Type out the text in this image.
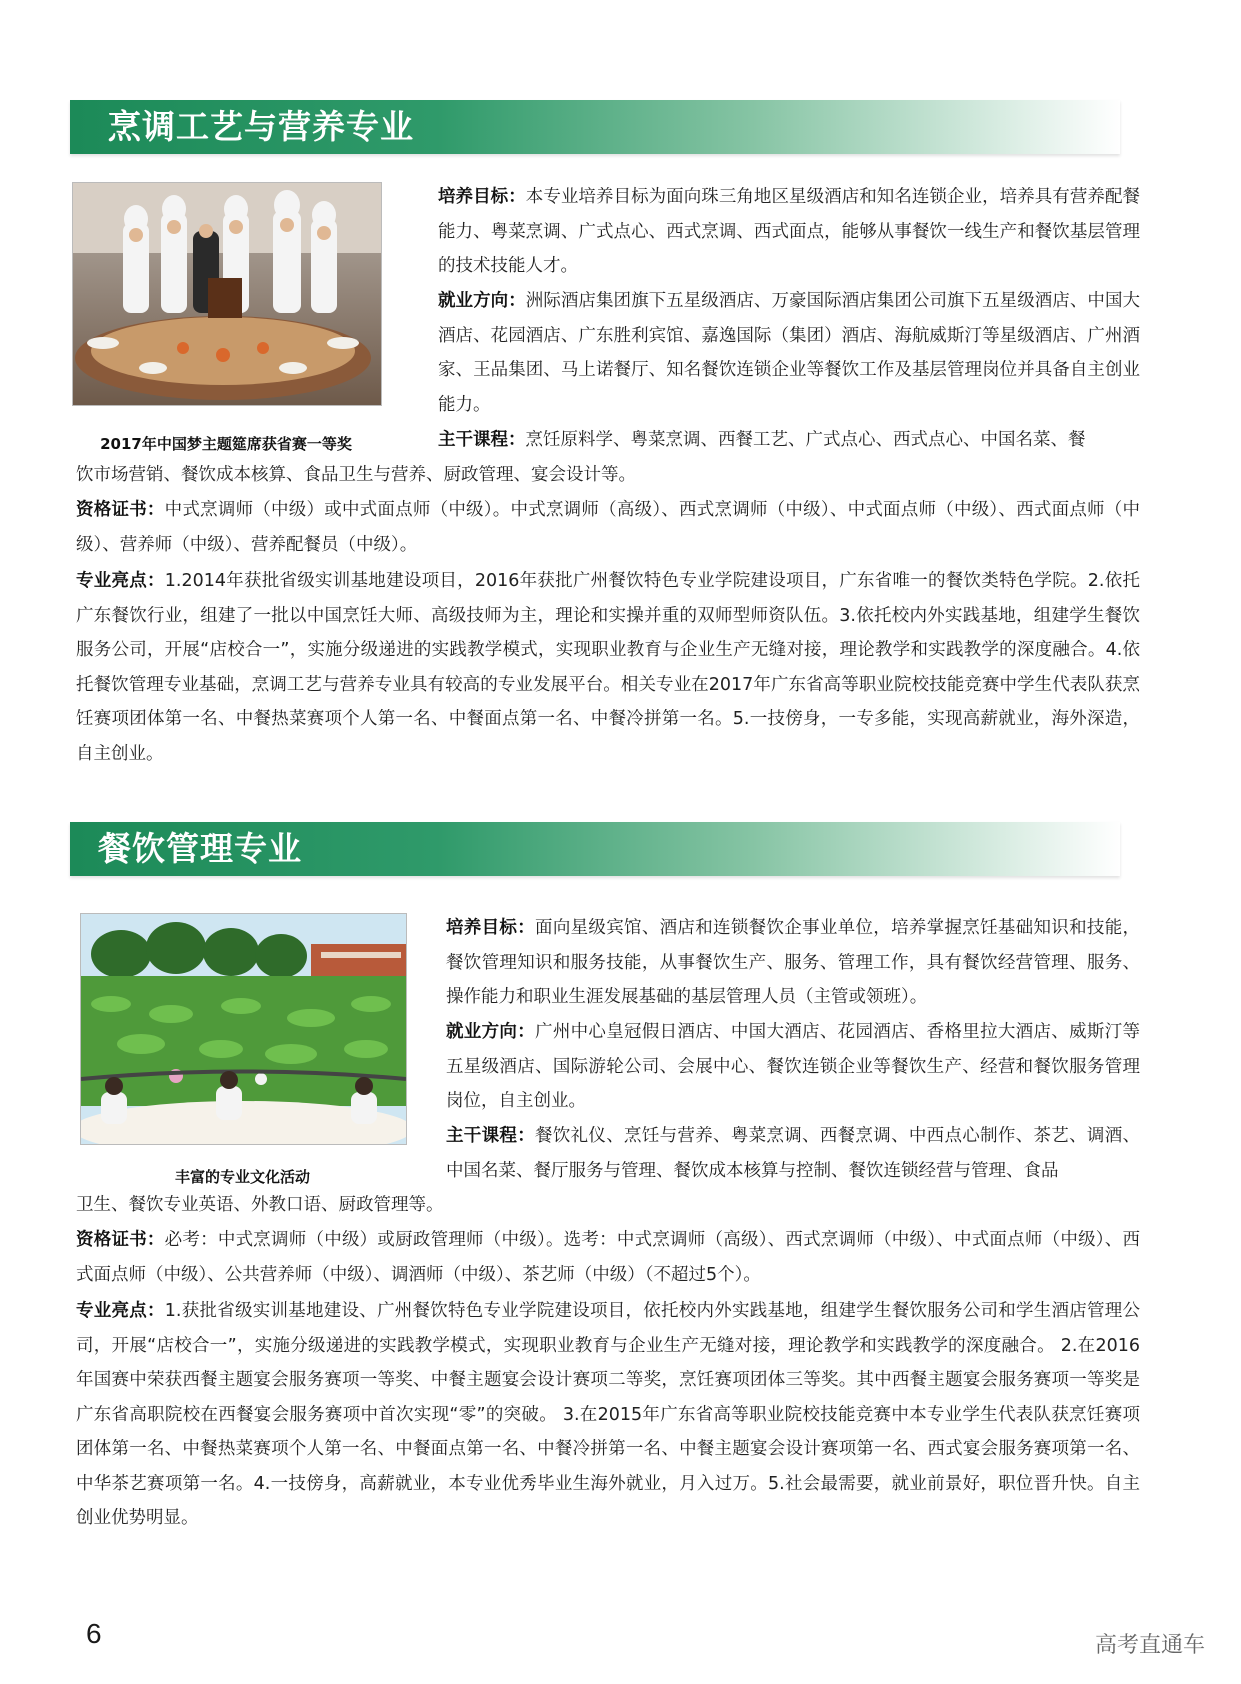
烹调工艺与营养专业
2017年中国梦主题筵席获省赛一等奖

培养目标：本专业培养目标为面向珠三角地区星级酒店和知名连锁企业，培养具有营养配餐能力、粤菜烹调、广式点心、西式烹调、西式面点，能够从事餐饮一线生产和餐饮基层管理的技术技能人才。

就业方向：洲际酒店集团旗下五星级酒店、万豪国际酒店集团公司旗下五星级酒店、中国大酒店、花园酒店、广东胜利宾馆、嘉逸国际（集团）酒店、海航威斯汀等星级酒店、广州酒家、王品集团、马上诺餐厅、知名餐饮连锁企业等餐饮工作及基层管理岗位并具备自主创业能力。

主干课程：烹饪原料学、粤菜烹调、西餐工艺、广式点心、西式点心、中国名菜、餐

饮市场营销、餐饮成本核算、食品卫生与营养、厨政管理、宴会设计等。

资格证书：中式烹调师（中级）或中式面点师（中级）。中式烹调师（高级）、西式烹调师（中级）、中式面点师（中级）、西式面点师（中级）、营养师（中级）、营养配餐员（中级）。

专业亮点：1.2014年获批省级实训基地建设项目，2016年获批广州餐饮特色专业学院建设项目，广东省唯一的餐饮类特色学院。2.依托广东餐饮行业，组建了一批以中国烹饪大师、高级技师为主，理论和实操并重的双师型师资队伍。3.依托校内外实践基地，组建学生餐饮服务公司，开展“店校合一”，实施分级递进的实践教学模式，实现职业教育与企业生产无缝对接，理论教学和实践教学的深度融合。4.依托餐饮管理专业基础，烹调工艺与营养专业具有较高的专业发展平台。相关专业在2017年广东省高等职业院校技能竞赛中学生代表队获烹饪赛项团体第一名、中餐热菜赛项个人第一名、中餐面点第一名、中餐冷拼第一名。5.一技傍身，一专多能，实现高薪就业，海外深造，自主创业。

餐饮管理专业
丰富的专业文化活动

培养目标：面向星级宾馆、酒店和连锁餐饮企事业单位，培养掌握烹饪基础知识和技能，餐饮管理知识和服务技能，从事餐饮生产、服务、管理工作，具有餐饮经营管理、服务、操作能力和职业生涯发展基础的基层管理人员（主管或领班）。

就业方向：广州中心皇冠假日酒店、中国大酒店、花园酒店、香格里拉大酒店、威斯汀等五星级酒店、国际游轮公司、会展中心、餐饮连锁企业等餐饮生产、经营和餐饮服务管理岗位，自主创业。

主干课程：餐饮礼仪、烹饪与营养、粤菜烹调、西餐烹调、中西点心制作、茶艺、调酒、中国名菜、餐厅服务与管理、餐饮成本核算与控制、餐饮连锁经营与管理、食品

卫生、餐饮专业英语、外教口语、厨政管理等。

资格证书：必考：中式烹调师（中级）或厨政管理师（中级）。选考：中式烹调师（高级）、西式烹调师（中级）、中式面点师（中级）、西式面点师（中级）、公共营养师（中级）、调酒师（中级）、茶艺师（中级）（不超过5个）。

专业亮点：1.获批省级实训基地建设、广州餐饮特色专业学院建设项目，依托校内外实践基地，组建学生餐饮服务公司和学生酒店管理公司，开展“店校合一”，实施分级递进的实践教学模式，实现职业教育与企业生产无缝对接，理论教学和实践教学的深度融合。 2.在2016年国赛中荣获西餐主题宴会服务赛项一等奖、中餐主题宴会设计赛项二等奖，烹饪赛项团体三等奖。其中西餐主题宴会服务赛项一等奖是广东省高职院校在西餐宴会服务赛项中首次实现“零”的突破。 3.在2015年广东省高等职业院校技能竞赛中本专业学生代表队获烹饪赛项团体第一名、中餐热菜赛项个人第一名、中餐面点第一名、中餐冷拼第一名、中餐主题宴会设计赛项第一名、西式宴会服务赛项第一名、中华茶艺赛项第一名。4.一技傍身，高薪就业，本专业优秀毕业生海外就业，月入过万。5.社会最需要，就业前景好，职位晋升快。自主创业优势明显。

6	高考直通车
